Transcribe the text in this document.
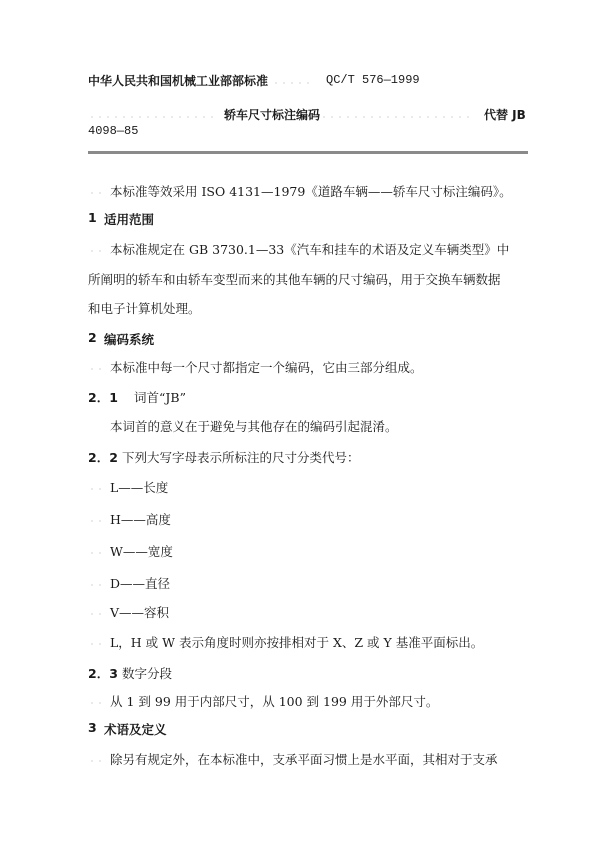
中华人民共和国机械工业部部标准	QC/T 576—1999
轿车尺寸标注编码	代替 JB
4098—85
本标准等效采用 ISO 4131—1979《道路车辆——轿车尺寸标注编码》。
1 适用范围
本标准规定在 GB 3730.1—33《汽车和挂车的术语及定义车辆类型》中
所阐明的轿车和由轿车变型而来的其他车辆的尺寸编码，用于交换车辆数据
和电子计算机处理。
2 编码系统
本标准中每一个尺寸都指定一个编码，它由三部分组成。
2．1 词首“JB”
本词首的意义在于避免与其他存在的编码引起混淆。
2．2 下列大写字母表示所标注的尺寸分类代号：
L——长度
H——高度
W——宽度
D——直径
V——容积
L，H 或 W 表示角度时则亦按排相对于 X、Z 或 Y 基准平面标出。
2．3 数字分段
从 1 到 99 用于内部尺寸，从 100 到 199 用于外部尺寸。
3 术语及定义
除另有规定外，在本标准中，支承平面习惯上是水平面，其相对于支承
